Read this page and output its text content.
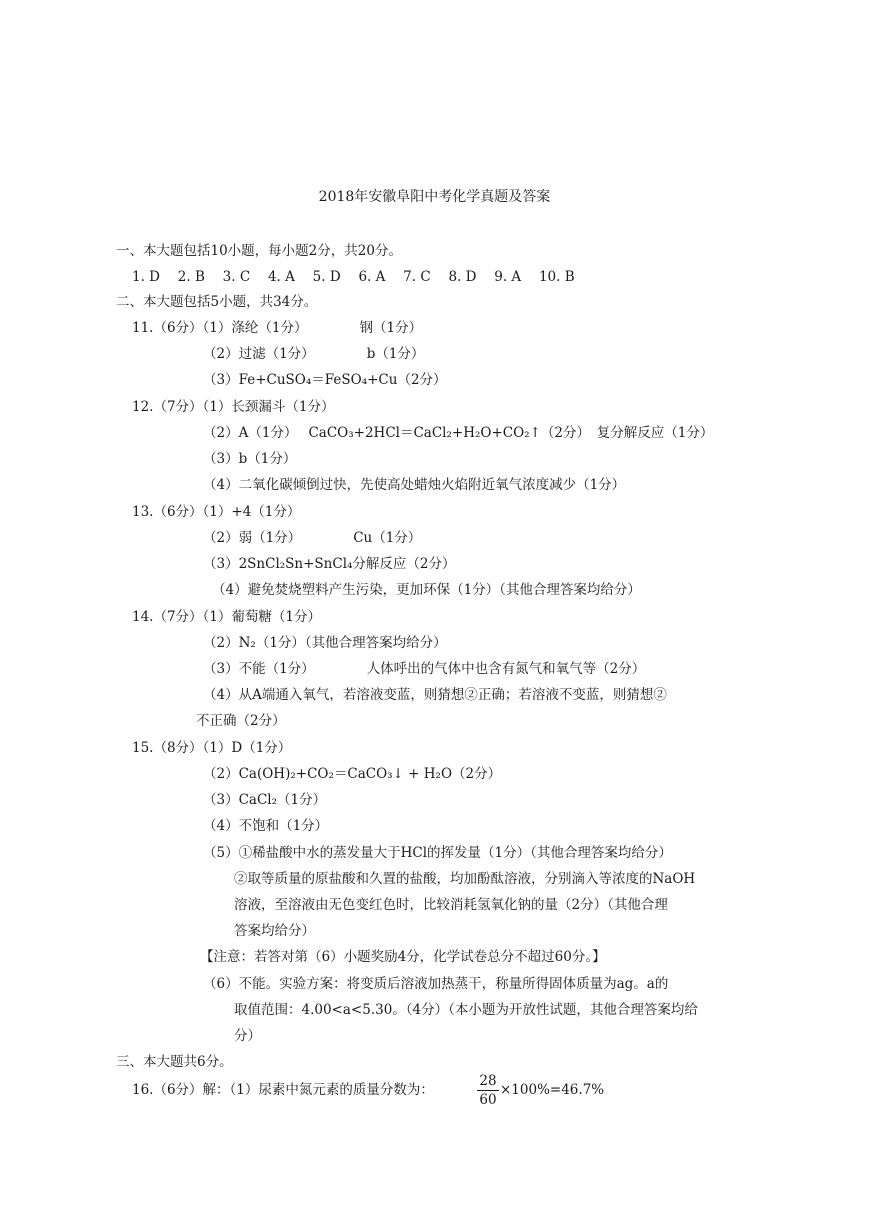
2018年安徽阜阳中考化学真题及答案
一、本大题包括10小题，每小题2分，共20分。
1. D　 2. B　 3. C　 4. A　 5. D　 6. A　 7. C　 8. D　 9. A　 10. B
二、本大题包括5小题，共34分。
11.（6分）（1）涤纶（1分）	钢（1分）
（2）过滤（1分）	b（1分）
（3）Fe+CuSO₄＝FeSO₄+Cu（2分）
12.（7分）（1）长颈漏斗（1分）
（2）A（1分）　 CaCO₃+2HCl＝CaCl₂+H₂O+CO₂↑（2分）　复分解反应（1分）
（3）b（1分）
（4）二氧化碳倾倒过快，先使高处蜡烛火焰附近氧气浓度减少（1分）
13.（6分）（1）+4（1分）
（2）弱（1分）	Cu（1分）
（3）2SnCl₂Sn+SnCl₄分解反应（2分）
（4）避免焚烧塑料产生污染，更加环保（1分）（其他合理答案均给分）
14.（7分）（1）葡萄糖（1分）
（2）N₂（1分）（其他合理答案均给分）
（3）不能（1分）	人体呼出的气体中也含有氮气和氧气等（2分）
（4）从A端通入氧气，若溶液变蓝，则猜想②正确；若溶液不变蓝，则猜想②
不正确（2分）
15.（8分）（1）D（1分）
（2）Ca(OH)₂+CO₂＝CaCO₃↓ + H₂O（2分）
（3）CaCl₂（1分）
（4）不饱和（1分）
（5）①稀盐酸中水的蒸发量大于HCl的挥发量（1分）（其他合理答案均给分）
②取等质量的原盐酸和久置的盐酸，均加酚酞溶液，分别滴入等浓度的NaOH
溶液，至溶液由无色变红色时，比较消耗氢氧化钠的量（2分）（其他合理
答案均给分）
【注意：若答对第（6）小题奖励4分，化学试卷总分不超过60分。】
（6）不能。实验方案：将变质后溶液加热蒸干，称量所得固体质量为ag。a的
取值范围：4.00<a<5.30。（4分）（本小题为开放性试题，其他合理答案均给
分）
三、本大题共6分。
16.（6分）解：（1）尿素中氮元素的质量分数为：
28
60
×100%=46.7%
